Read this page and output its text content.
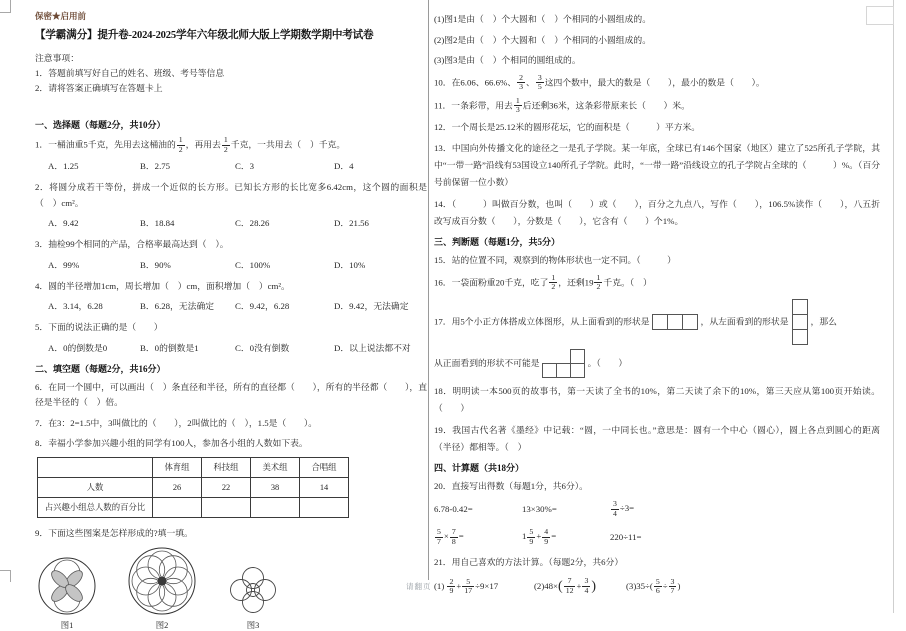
请翻页
保密★启用前
【学霸满分】提升卷-2024-2025学年六年级北师大版上学期数学期中考试卷

注意事项：

1．答题前填写好自己的姓名、班级、考号等信息

2．请将答案正确填写在答题卡上

一、选择题（每题2分，共10分）

1．一桶油重5千克，先用去这桶油的 $\frac{1}{2}$ ，再用去 $\frac{1}{2}$ 千克，一共用去（　）千克。

A．1.25	B．2.75	C．3	D．4

2．将圆分成若干等份，拼成一个近似的长方形。已知长方形的长比宽多6.42cm，这个圆的面积是（　）cm²。

A．9.42	B．18.84	C．28.26	D．21.56

3．抽检99个相同的产品，合格率最高达到（　）。

A．99%	B．90%	C．100%	D．10%

4．圆的半径增加1cm，周长增加（　）cm，面积增加（　）cm²。

A．3.14，6.28	B．6.28，无法确定	C．9.42，6.28	D．9.42，无法确定

5．下面的说法正确的是（　　）

A．0的倒数是0	B．0的倒数是1	C．0没有倒数	D．以上说法都不对
二、填空题（每题2分，共16分）

6．在同一个圆中，可以画出（　）条直径和半径，所有的直径都（　　），所有的半径都（　　），直径是半径的（　）倍。

7．在3：2=1.5中，3叫做比的（　　），2叫做比的（　），1.5是（　　）。

8．幸福小学参加兴趣小组的同学有100人，参加各小组的人数如下表。

	体育组	科技组	美术组	合唱组
人数	26	22	38	14
占兴趣小组总人数的百分比				

9．下面这些图案是怎样形成的?填一填。

图1	图2	图3

(1)图1是由（　）个大圆和（　）个相同的小圆组成的。

(2)图2是由（　）个大圆和（　）个相同的小圆组成的。

(3)图3是由（　）个相同的圆组成的。

10．在6.06、66.6%、 $\frac{2}{3}$ 、 $\frac{3}{5}$ 这四个数中，最大的数是（　　），最小的数是（　　）。

11．一条彩带，用去 $\frac{1}{3}$ 后还剩36米，这条彩带原来长（　　）米。

12．一个周长是25.12米的圆形花坛，它的面积是（　　　）平方米。

13．中国向外传播文化的途径之一是孔子学院。某一年底，全球已有146个国家（地区）建立了525所孔子学院，其中“一带一路”沿线有53国设立140所孔子学院。此时，“一带一路”沿线设立的孔子学院占全球的（　　　）%。（百分号前保留一位小数）

14．（　　　）叫做百分数，也叫（　　）或（　　），百分之九点八，写作（　　），106.5%读作（　　），八五折改写成百分数（　　），分数是（　　），它含有（　　）个1%。

三、判断题（每题1分，共5分）

15．站的位置不同，观察到的物体形状也一定不同。（　　　）

16．一袋面粉重20千克，吃了 $\frac{1}{2}$ ，还剩$19 \frac{1}{2}$ 千克。（　）

17．用5个小正方体搭成立体图形，从上面看到的形状是	，从左面看到的形状是	，那么

从正面看到的形状不可能是	。（　　）

18．明明读一本500页的故事书，第一天读了全书的10%，第二天读了余下的10%，第三天应从第100页开始读。（　　）

19．我国古代名著《墨经》中记载：“圆，一中同长也。”意思是：圆有一个中心（圆心），圆上各点到圆心的距离（半径）都相等。（　）

四、计算题（共18分）

20．直接写出得数（每题1分，共6分）。

6.78-0.42=	13×30%=	$\frac{3}{4} \div 3=$
$\frac{5}{7} \times \frac{7}{8}$ =	$1 \frac{5}{9} + \frac{4}{9}$ =	220÷11=

21．用自己喜欢的方法计算。（每题2分，共6分）

$(1) \frac{2}{9} + \frac{5}{17} \div 9\times 17$	$(2)48\times( \frac{7}{12} + \frac{3}{4}$ )	$(3)35\div( \frac{5}{6} \div \frac{3}{7}$ )
